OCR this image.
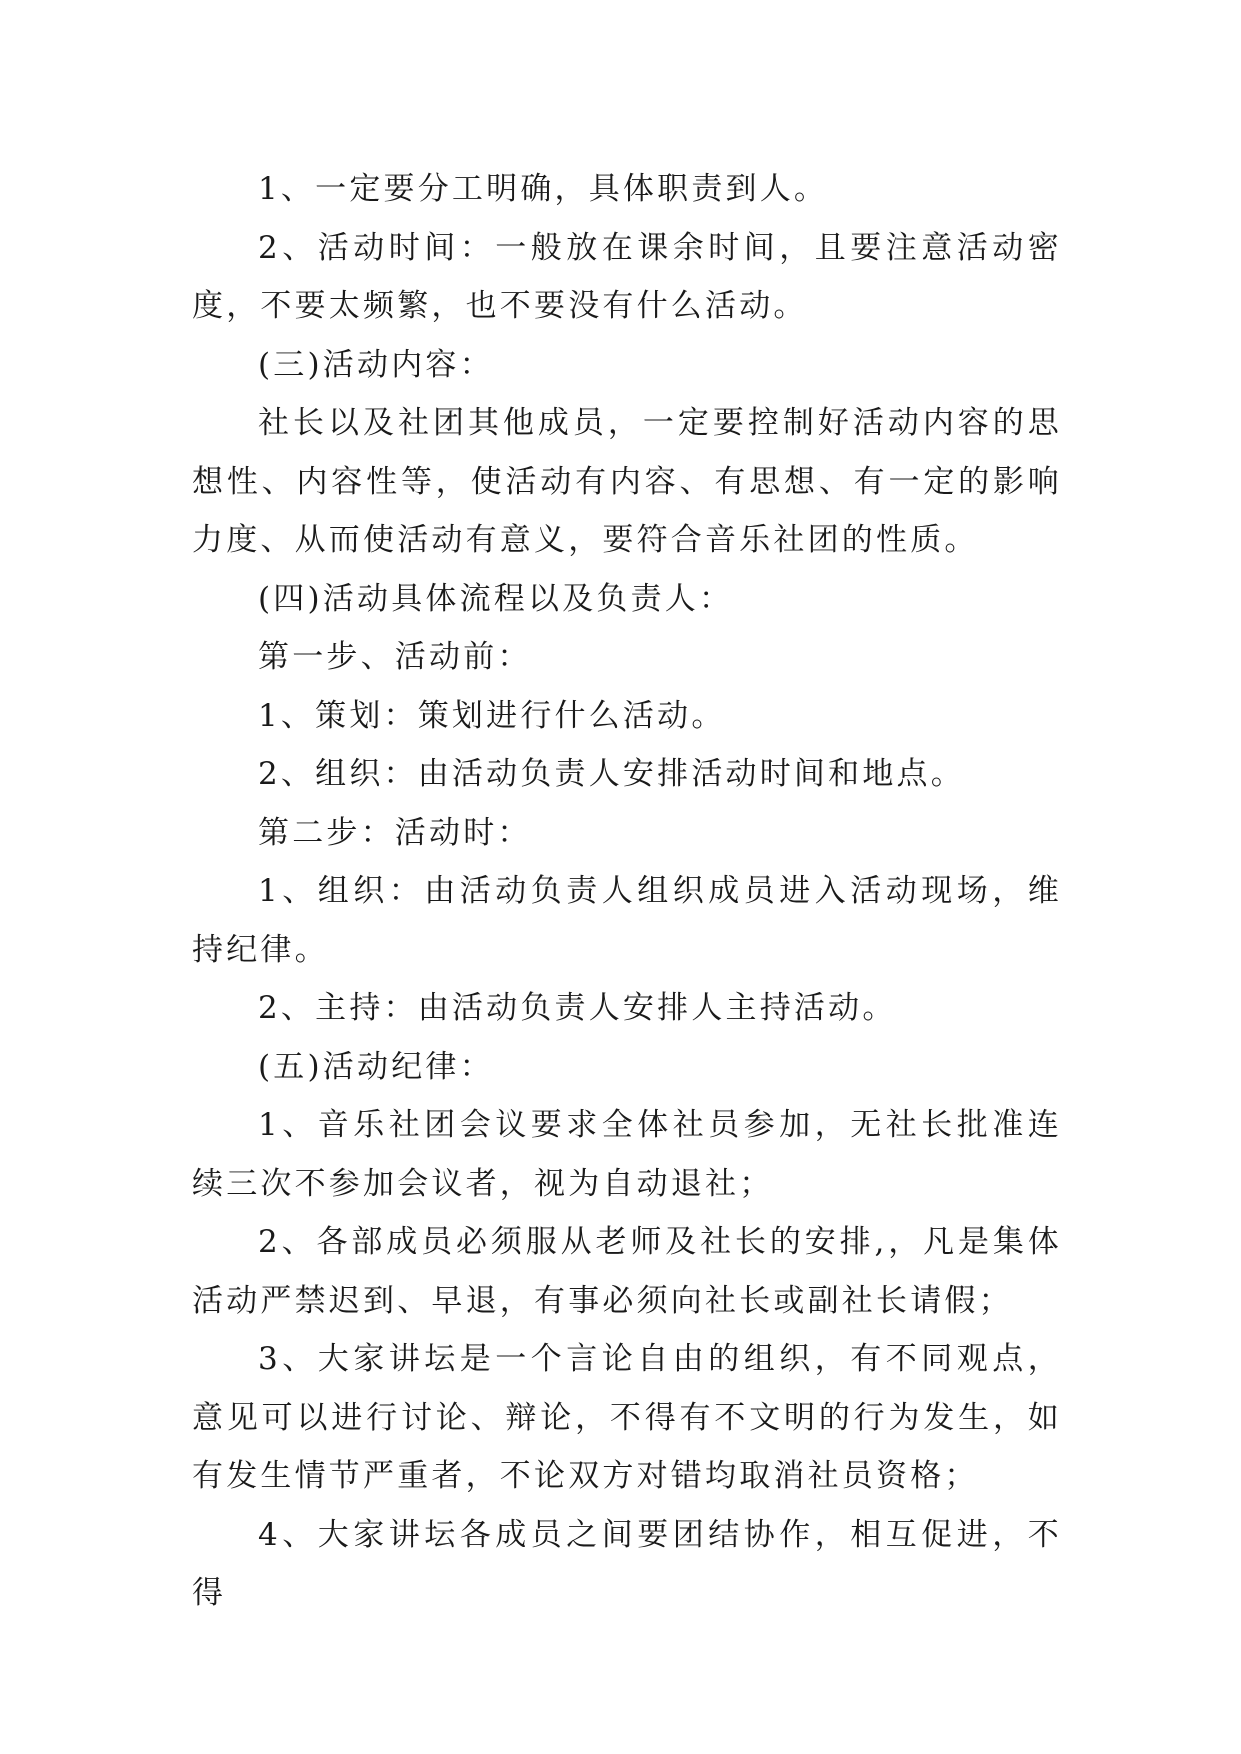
1、一定要分工明确，具体职责到人。

2、活动时间：一般放在课余时间，且要注意活动密度，不要太频繁，也不要没有什么活动。

(三)活动内容：

社长以及社团其他成员，一定要控制好活动内容的思想性、内容性等，使活动有内容、有思想、有一定的影响力度、从而使活动有意义，要符合音乐社团的性质。

(四)活动具体流程以及负责人：

第一步、活动前：

1、策划：策划进行什么活动。

2、组织：由活动负责人安排活动时间和地点。

第二步：活动时：

1、组织：由活动负责人组织成员进入活动现场，维持纪律。

2、主持：由活动负责人安排人主持活动。

(五)活动纪律：

1、音乐社团会议要求全体社员参加，无社长批准连续三次不参加会议者，视为自动退社；

2、各部成员必须服从老师及社长的安排,，凡是集体活动严禁迟到、早退，有事必须向社长或副社长请假；

3、大家讲坛是一个言论自由的组织，有不同观点，意见可以进行讨论、辩论，不得有不文明的行为发生，如有发生情节严重者，不论双方对错均取消社员资格；

4、大家讲坛各成员之间要团结协作，相互促进，不得
